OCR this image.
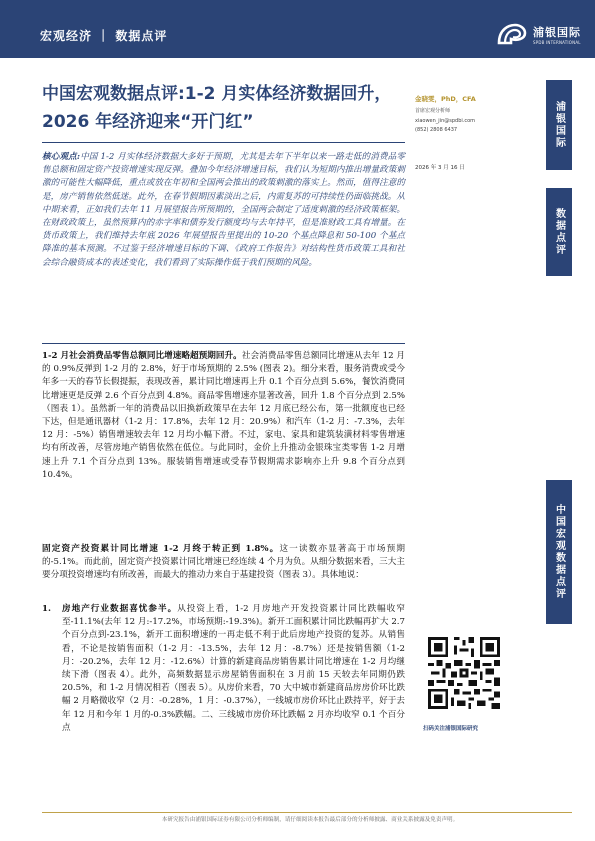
宏观经济 ｜ 数据点评	浦银国际
SPDB INTERNATIONAL
中国宏观数据点评:1-2 月实体经济数据回升，2026 年经济迎来“开门红”
金晓雯，PhD，CFA
首席宏观分析师
xiaowen_jin@spdbi.com
(852) 2808 6437
2026 年 3 月 16 日
浦银国际
数据点评
中国宏观数据点评
核心观点:中国 1-2 月实体经济数据大多好于预期，尤其是去年下半年以来一路走低的消费品零售总额和固定资产投资增速实现反弹。叠加今年经济增速目标，我们认为短期内推出增量政策刺激的可能性大幅降低，重点或放在年初和全国两会推出的政策刺激的落实上。然而，值得注意的是，房产销售依然低迷。此外，在春节假期因素淡出之后，内需复苏的可持续性仍面临挑战。从中期来看，正如我们去年 11 月展望报告所预期的，全国两会制定了适度刺激的经济政策框架。在财政政策上，虽然预算内的赤字率和债券发行额度均与去年持平，但是准财政工具有增量。在货币政策上，我们维持去年底 2026 年展望报告里提出的 10-20 个基点降息和 50-100 个基点降准的基本预测。不过鉴于经济增速目标的下调、《政府工作报告》对结构性货币政策工具和社会综合融资成本的表述变化，我们看到了实际操作低于我们预期的风险。
1-2 月社会消费品零售总额同比增速略超预期回升。社会消费品零售总额同比增速从去年 12 月的 0.9%反弹到 1-2 月的 2.8%，好于市场预期的 2.5% (图表 2)。细分来看，服务消费或受今年多一天的春节长假提振，表现改善，累计同比增速再上升 0.1 个百分点到 5.6%，餐饮消费同比增速更是反弹 2.6 个百分点到 4.8%。商品零售增速亦显著改善，回升 1.8 个百分点到 2.5%（图表 1）。虽然新一年的消费品以旧换新政策早在去年 12 月底已经公布，第一批额度也已经下达，但是通讯器材（1-2 月：17.8%，去年 12 月：20.9%）和汽车（1-2 月：-7.3%，去年 12 月：-5%）销售增速较去年 12 月均小幅下滑。不过，家电、家具和建筑装潢材料零售增速均有所改善，尽管房地产销售依然在低位。与此同时，金价上升推动金银珠宝类零售 1-2 月增速上升 7.1 个百分点到 13%。服装销售增速或受春节假期需求影响亦上升 9.8 个百分点到 10.4%。
固定资产投资累计同比增速 1-2 月终于转正到 1.8%。这一读数亦显著高于市场预期的-5.1%。而此前，固定资产投资累计同比增速已经连续 4 个月为负。从细分数据来看，三大主要分项投资增速均有所改善，而最大的推动力来自于基建投资（图表 3）。具体地说：
1. 房地产行业数据喜忧参半。从投资上看，1-2 月房地产开发投资累计同比跌幅收窄至-11.1%(去年 12 月:-17.2%，市场预期:-19.3%)。新开工面积累计同比跌幅再扩大 2.7 个百分点到-23.1%，新开工面积增速的一再走低不利于此后房地产投资的复苏。从销售看，不论是按销售面积（1-2 月：-13.5%，去年 12 月：-8.7%）还是按销售额（1-2 月：-20.2%，去年 12 月：-12.6%）计算的新建商品房销售累计同比增速在 1-2 月均继续下滑（图表 4）。此外，高频数据显示房屋销售面积在 3 月前 15 天较去年同期仍跌 20.5%，和 1-2 月情况相若（图表 5）。从房价来看，70 大中城市新建商品房房价环比跌幅 2 月略微收窄（2 月：-0.28%，1 月：-0.37%），一线城市房价环比止跌持平，好于去年 12 月和今年 1 月的-0.3%跌幅。二、三线城市房价环比跌幅 2 月亦均收窄 0.1 个百分点	扫码关注浦银国际研究
本研究报告由浦银国际证券有限公司分析师编制，请仔细阅读本报告最后部分的分析师披露、商业关系披露及免责声明。
